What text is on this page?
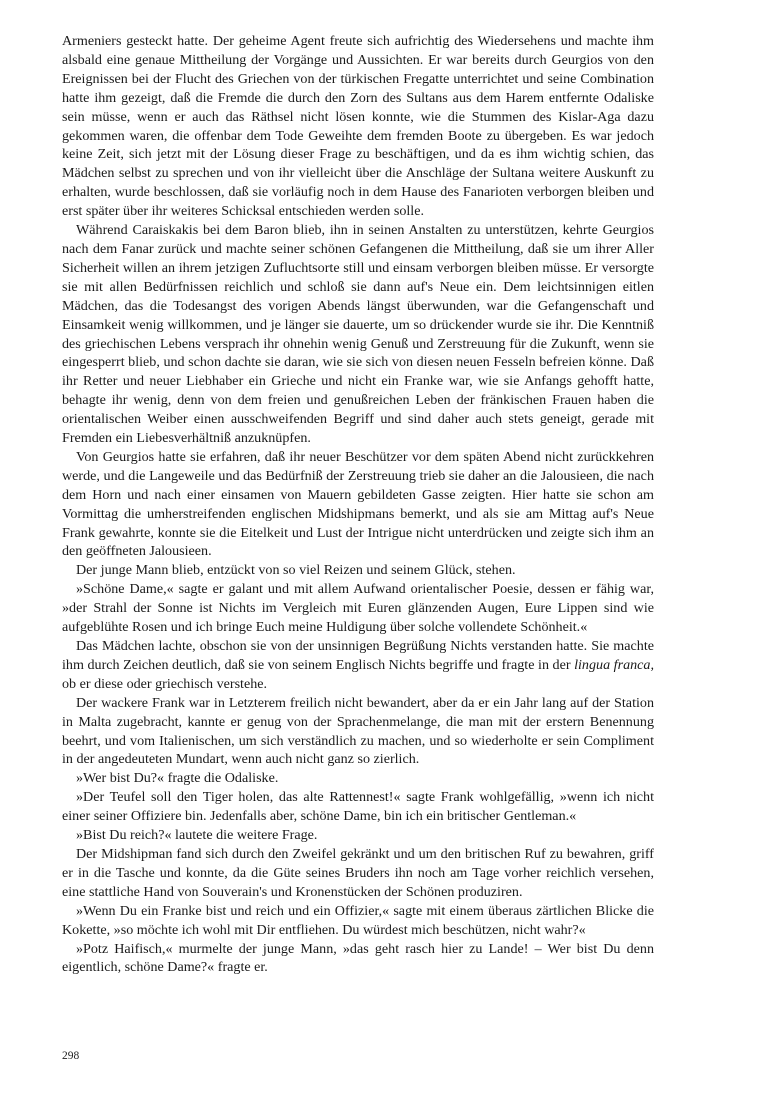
Armeniers gesteckt hatte. Der geheime Agent freute sich aufrichtig des Wiedersehens und machte ihm alsbald eine genaue Mittheilung der Vorgänge und Aussichten. Er war bereits durch Geurgios von den Ereignissen bei der Flucht des Griechen von der türkischen Fregatte unterrichtet und seine Combination hatte ihm gezeigt, daß die Fremde die durch den Zorn des Sultans aus dem Harem entfernte Odaliske sein müsse, wenn er auch das Räthsel nicht lösen konnte, wie die Stummen des Kislar-Aga dazu gekommen waren, die offenbar dem Tode Geweihte dem fremden Boote zu übergeben. Es war jedoch keine Zeit, sich jetzt mit der Lösung dieser Frage zu beschäftigen, und da es ihm wichtig schien, das Mädchen selbst zu sprechen und von ihr vielleicht über die Anschläge der Sultana weitere Auskunft zu erhalten, wurde beschlossen, daß sie vorläufig noch in dem Hause des Fanarioten verborgen bleiben und erst später über ihr weiteres Schicksal entschieden werden solle.

Während Caraiskakis bei dem Baron blieb, ihn in seinen Anstalten zu unterstützen, kehrte Geurgios nach dem Fanar zurück und machte seiner schönen Gefangenen die Mittheilung, daß sie um ihrer Aller Sicherheit willen an ihrem jetzigen Zufluchtsorte still und einsam verborgen bleiben müsse. Er versorgte sie mit allen Bedürfnissen reichlich und schloß sie dann auf's Neue ein. Dem leichtsinnigen eitlen Mädchen, das die Todesangst des vorigen Abends längst überwunden, war die Gefangenschaft und Einsamkeit wenig willkommen, und je länger sie dauerte, um so drückender wurde sie ihr. Die Kenntniß des griechischen Lebens versprach ihr ohnehin wenig Genuß und Zerstreuung für die Zukunft, wenn sie eingesperrt blieb, und schon dachte sie daran, wie sie sich von diesen neuen Fesseln befreien könne. Daß ihr Retter und neuer Liebhaber ein Grieche und nicht ein Franke war, wie sie Anfangs gehofft hatte, behagte ihr wenig, denn von dem freien und genußreichen Leben der fränkischen Frauen haben die orientalischen Weiber einen ausschweifenden Begriff und sind daher auch stets geneigt, gerade mit Fremden ein Liebesverhältniß anzuknüpfen.

Von Geurgios hatte sie erfahren, daß ihr neuer Beschützer vor dem späten Abend nicht zurückkehren werde, und die Langeweile und das Bedürfniß der Zerstreuung trieb sie daher an die Jalousieen, die nach dem Horn und nach einer einsamen von Mauern gebildeten Gasse zeigten. Hier hatte sie schon am Vormittag die umherstreifenden englischen Midshipmans bemerkt, und als sie am Mittag auf's Neue Frank gewahrte, konnte sie die Eitelkeit und Lust der Intrigue nicht unterdrücken und zeigte sich ihm an den geöffneten Jalousieen.

Der junge Mann blieb, entzückt von so viel Reizen und seinem Glück, stehen.

»Schöne Dame,« sagte er galant und mit allem Aufwand orientalischer Poesie, dessen er fähig war, »der Strahl der Sonne ist Nichts im Vergleich mit Euren glänzenden Augen, Eure Lippen sind wie aufgeblühte Rosen und ich bringe Euch meine Huldigung über solche vollendete Schönheit.«

Das Mädchen lachte, obschon sie von der unsinnigen Begrüßung Nichts verstanden hatte. Sie machte ihm durch Zeichen deutlich, daß sie von seinem Englisch Nichts begriffe und fragte in der lingua franca, ob er diese oder griechisch verstehe.

Der wackere Frank war in Letzterem freilich nicht bewandert, aber da er ein Jahr lang auf der Station in Malta zugebracht, kannte er genug von der Sprachenmelange, die man mit der erstern Benennung beehrt, und vom Italienischen, um sich verständlich zu machen, und so wiederholte er sein Compliment in der angedeuteten Mundart, wenn auch nicht ganz so zierlich.

»Wer bist Du?« fragte die Odaliske.

»Der Teufel soll den Tiger holen, das alte Rattennest!« sagte Frank wohlgefällig, »wenn ich nicht einer seiner Offiziere bin. Jedenfalls aber, schöne Dame, bin ich ein britischer Gentleman.«

»Bist Du reich?« lautete die weitere Frage.

Der Midshipman fand sich durch den Zweifel gekränkt und um den britischen Ruf zu bewahren, griff er in die Tasche und konnte, da die Güte seines Bruders ihn noch am Tage vorher reichlich versehen, eine stattliche Hand von Souverain's und Kronenstücken der Schönen produziren.

»Wenn Du ein Franke bist und reich und ein Offizier,« sagte mit einem überaus zärtlichen Blicke die Kokette, »so möchte ich wohl mit Dir entfliehen. Du würdest mich beschützen, nicht wahr?«

»Potz Haifisch,« murmelte der junge Mann, »das geht rasch hier zu Lande! – Wer bist Du denn eigentlich, schöne Dame?« fragte er.

298
